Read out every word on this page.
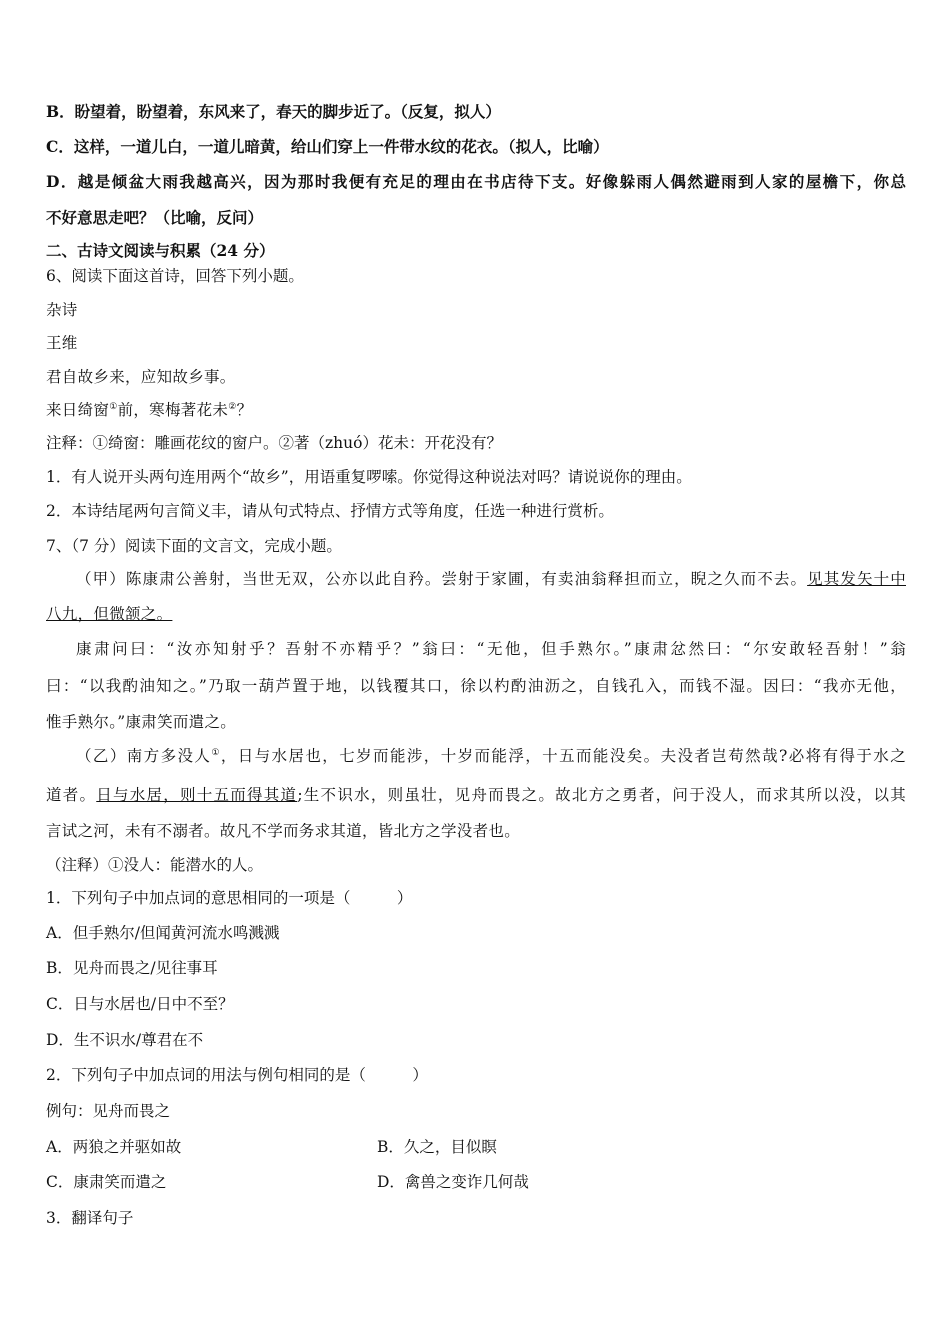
B．盼望着，盼望着，东风来了，春天的脚步近了。（反复，拟人）
C．这样，一道儿白，一道儿暗黄，给山们穿上一件带水纹的花衣。（拟人，比喻）
D．越是倾盆大雨我越高兴，因为那时我便有充足的理由在书店待下支。好像躲雨人偶然避雨到人家的屋檐下，你总
不好意思走吧？（比喻，反问）
二、古诗文阅读与积累（24 分）
6、阅读下面这首诗，回答下列小题。
杂诗
王维
君自故乡来，应知故乡事。
来日绮窗①前，寒梅著花未②？
注释：①绮窗：雕画花纹的窗户。②著（zhuó）花未：开花没有？
1．有人说开头两句连用两个“故乡”，用语重复啰嗦。你觉得这种说法对吗？请说说你的理由。
2．本诗结尾两句言简义丰，请从句式特点、抒情方式等角度，任选一种进行赏析。
7、（7 分）阅读下面的文言文，完成小题。
（甲）陈康肃公善射，当世无双，公亦以此自矜。尝射于家圃，有卖油翁释担而立，睨之久而不去。见其发矢十中
八九，但微颔之。
康肃问曰：“汝亦知射乎？吾射不亦精乎？”翁曰：“无他，但手熟尔。”康肃忿然曰：“尔安敢轻吾射！”翁
曰：“以我酌油知之。”乃取一葫芦置于地，以钱覆其口，徐以杓酌油沥之，自钱孔入，而钱不湿。因曰：“我亦无他，
惟手熟尔。”康肃笑而遣之。
（乙）南方多没人①，日与水居也，七岁而能涉，十岁而能浮，十五而能没矣。夫没者岂苟然哉?必将有得于水之
道者。日与水居，则十五而得其道;生不识水，则虽壮，见舟而畏之。故北方之勇者，问于没人，而求其所以没，以其
言试之河，未有不溺者。故凡不学而务求其道，皆北方之学没者也。
（注释）①没人：能潜水的人。
1．下列句子中加点词的意思相同的一项是（　　　）
A．但手熟尔/但闻黄河流水鸣溅溅
B．见舟而畏之/见往事耳
C．日与水居也/日中不至？
D．生不识水/尊君在不
2．下列句子中加点词的用法与例句相同的是（　　　）
例句：见舟而畏之
A．两狼之并驱如故	B．久之，目似瞑
C．康肃笑而遣之	D．禽兽之变诈几何哉
3．翻译句子
